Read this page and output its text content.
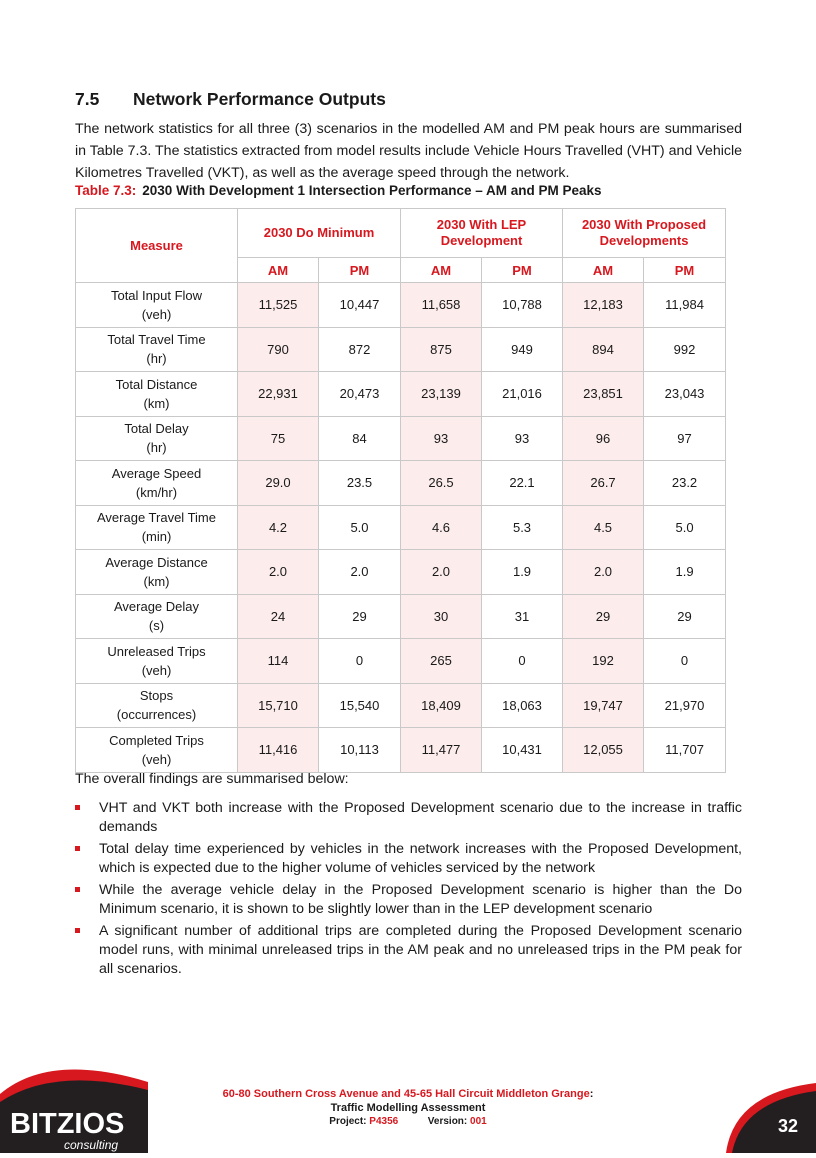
7.5 Network Performance Outputs

The network statistics for all three (3) scenarios in the modelled AM and PM peak hours are summarised in Table 7.3. The statistics extracted from model results include Vehicle Hours Travelled (VHT) and Vehicle Kilometres Travelled (VKT), as well as the average speed through the network.

Table 7.3: 2030 With Development 1 Intersection Performance – AM and PM Peaks
Measure	2030 Do Minimum		2030 With LEP Development		2030 With Proposed Developments	
	AM	PM	AM	PM	AM	PM

Total Input Flow
(veh)	11,525	10,447	11,658	10,788	12,183	11,984

Total Travel Time
(hr)	790	872	875	949	894	992

Total Distance
(km)	22,931	20,473	23,139	21,016	23,851	23,043

Total Delay
(hr)	75	84	93	93	96	97

Average Speed
(km/hr)	29.0	23.5	26.5	22.1	26.7	23.2

Average Travel Time
(min)	4.2	5.0	4.6	5.3	4.5	5.0

Average Distance
(km)	2.0	2.0	2.0	1.9	2.0	1.9

Average Delay
(s)	24	29	30	31	29	29

Unreleased Trips
(veh)	114	0	265	0	192	0

Stops
(occurrences)	15,710	15,540	18,409	18,063	19,747	21,970

Completed Trips
(veh)	11,416	10,113	11,477	10,431	12,055	11,707
The overall findings are summarised below:
VHT and VKT both increase with the Proposed Development scenario due to the increase in traffic demands
Total delay time experienced by vehicles in the network increases with the Proposed Development, which is expected due to the higher volume of vehicles serviced by the network
While the average vehicle delay in the Proposed Development scenario is higher than the Do Minimum scenario, it is shown to be slightly lower than in the LEP development scenario
A significant number of additional trips are completed during the Proposed Development scenario model runs, with minimal unreleased trips in the AM peak and no unreleased trips in the PM peak for all scenarios.
BITZIOS
consulting
60-80 Southern Cross Avenue and 45-65 Hall Circuit Middleton Grange:
Traffic Modelling Assessment
Project: P4356	Version: 001	32
